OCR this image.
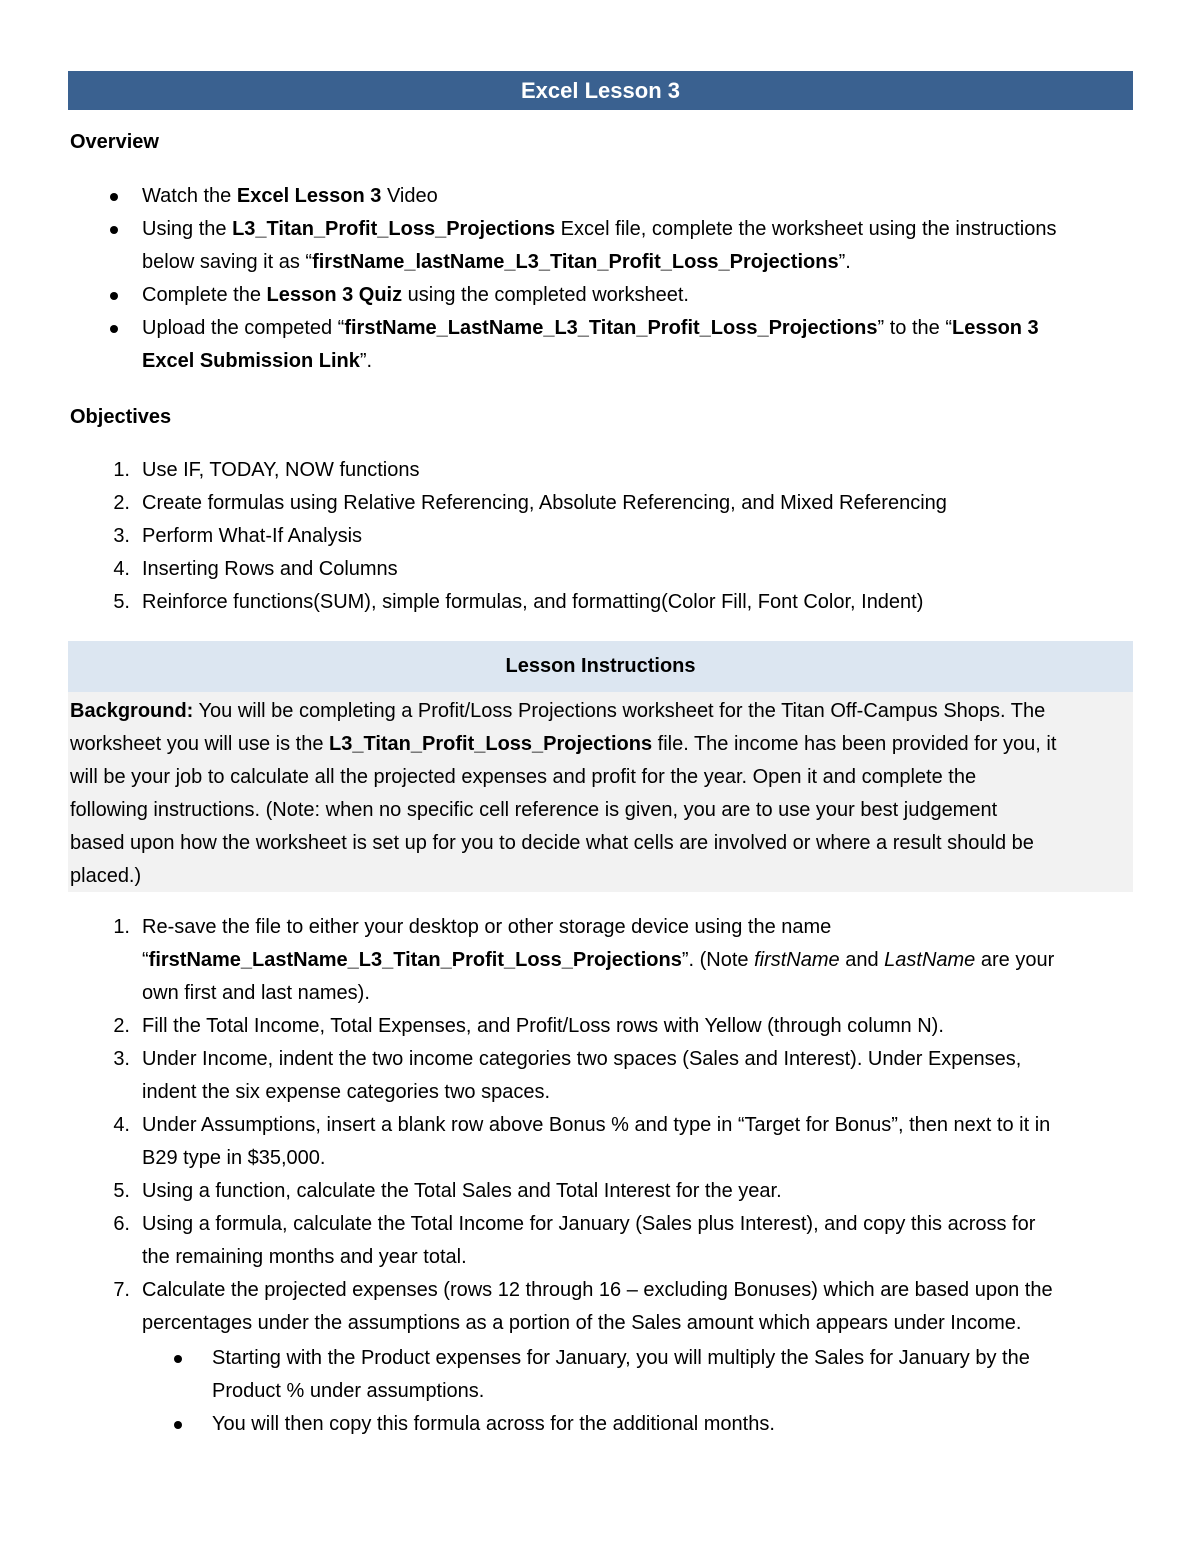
Excel Lesson 3
Overview
Watch the Excel Lesson 3 Video
Using the L3_Titan_Profit_Loss_Projections Excel file, complete the worksheet using the instructions
below saving it as “firstName_lastName_L3_Titan_Profit_Loss_Projections”.
Complete the Lesson 3 Quiz using the completed worksheet.
Upload the competed “firstName_LastName_L3_Titan_Profit_Loss_Projections” to the “Lesson 3
Excel Submission Link”.
Objectives
1. Use IF, TODAY, NOW functions
2. Create formulas using Relative Referencing, Absolute Referencing, and Mixed Referencing
3. Perform What-If Analysis
4. Inserting Rows and Columns
5. Reinforce functions(SUM), simple formulas, and formatting(Color Fill, Font Color, Indent)
Lesson Instructions
Background: You will be completing a Profit/Loss Projections worksheet for the Titan Off-Campus Shops. The
worksheet you will use is the L3_Titan_Profit_Loss_Projections file. The income has been provided for you, it
will be your job to calculate all the projected expenses and profit for the year. Open it and complete the
following instructions. (Note: when no specific cell reference is given, you are to use your best judgement
based upon how the worksheet is set up for you to decide what cells are involved or where a result should be
placed.)
1. Re-save the file to either your desktop or other storage device using the name
“firstName_LastName_L3_Titan_Profit_Loss_Projections”. (Note firstName and LastName are your
own first and last names).
2. Fill the Total Income, Total Expenses, and Profit/Loss rows with Yellow (through column N).
3. Under Income, indent the two income categories two spaces (Sales and Interest). Under Expenses,
indent the six expense categories two spaces.
4. Under Assumptions, insert a blank row above Bonus % and type in “Target for Bonus”, then next to it in
B29 type in $35,000.
5. Using a function, calculate the Total Sales and Total Interest for the year.
6. Using a formula, calculate the Total Income for January (Sales plus Interest), and copy this across for
the remaining months and year total.
7. Calculate the projected expenses (rows 12 through 16 – excluding Bonuses) which are based upon the
percentages under the assumptions as a portion of the Sales amount which appears under Income.
Starting with the Product expenses for January, you will multiply the Sales for January by the
Product % under assumptions.
You will then copy this formula across for the additional months.
